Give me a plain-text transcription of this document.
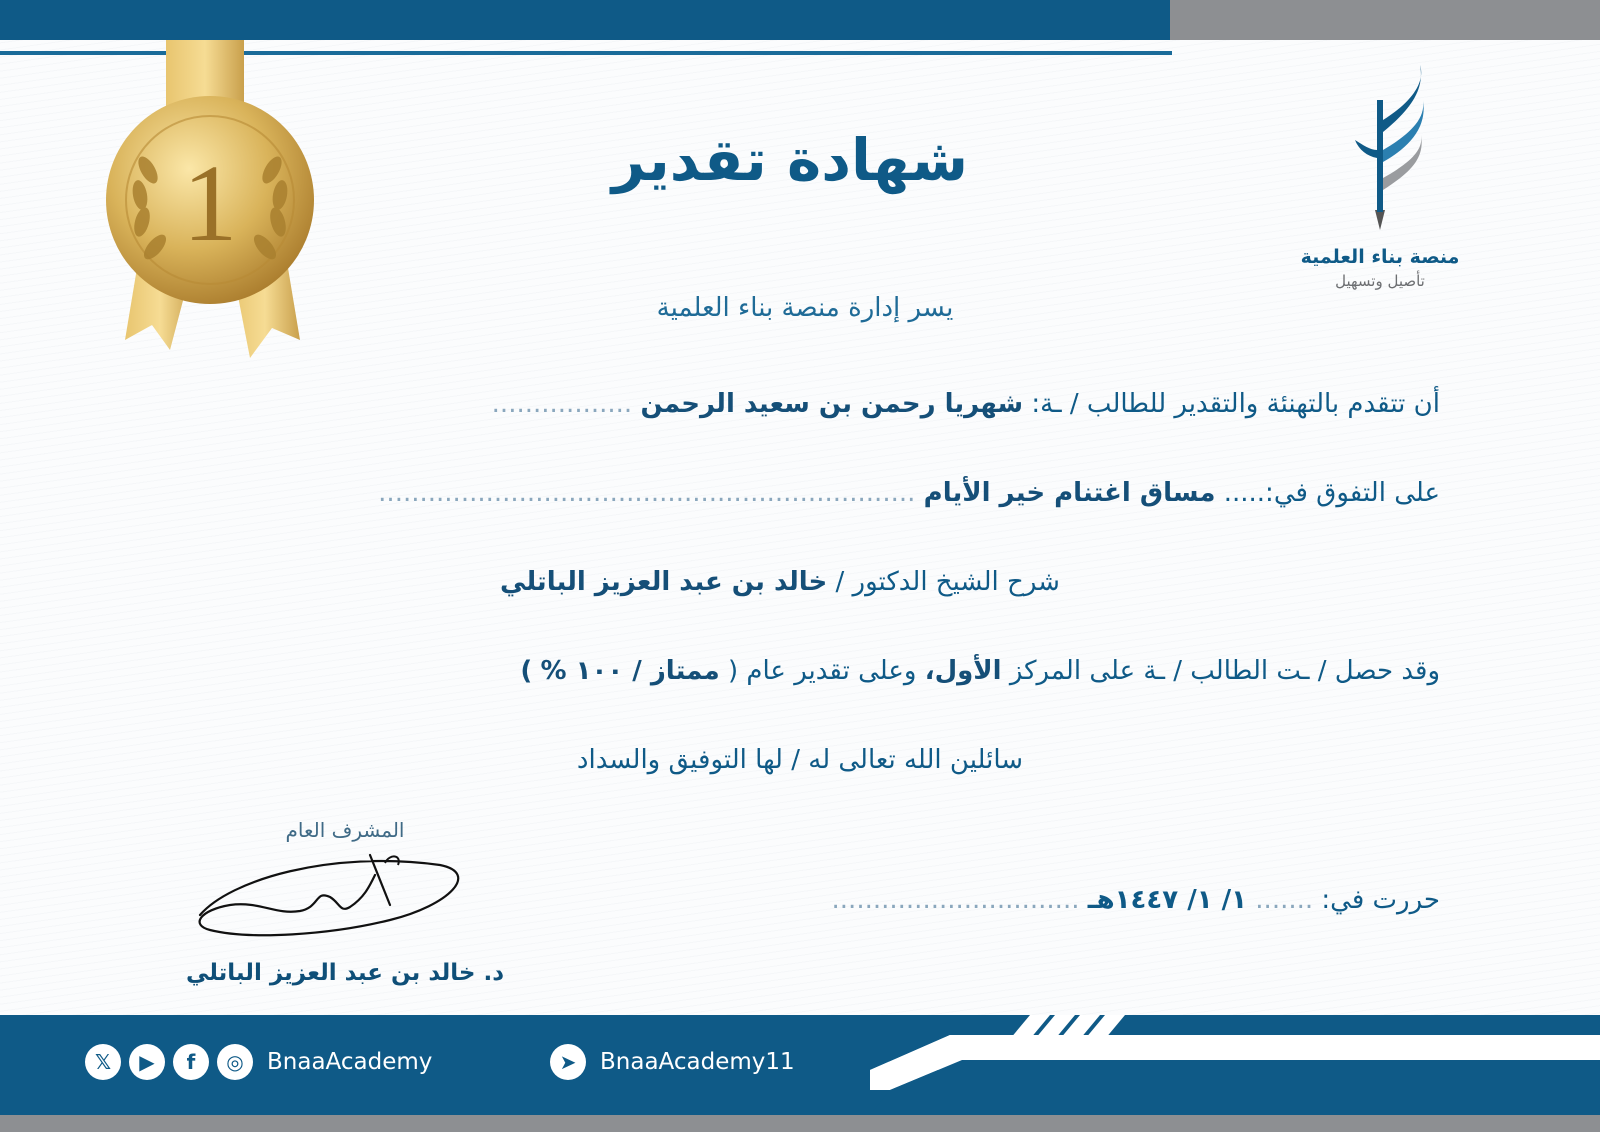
1	منصة بناء العلمية
تأصيل وتسهيل
شهادة تقدير
يسر إدارة منصة بناء العلمية
أن تتقدم بالتهنئة والتقدير للطالب / ـة: شهريا رحمن بن سعيد الرحمن .................
على التفوق في:..... مساق اغتنام خير الأيام .................................................................
شرح الشيخ الدكتور / خالد بن عبد العزيز الباتلي
وقد حصل / ـت الطالب / ـة على المركز الأول، وعلى تقدير عام ( ممتاز / ١٠٠ % )
سائلين الله تعالى له / لها التوفيق والسداد
حررت في: ....... ١/ ١/ ١٤٤٧هـ ..............................
المشرف العام
د. خالد بن عبد العزيز الباتلي
𝕏	▶	f	◎	BnaaAcademy	➤	BnaaAcademy11
